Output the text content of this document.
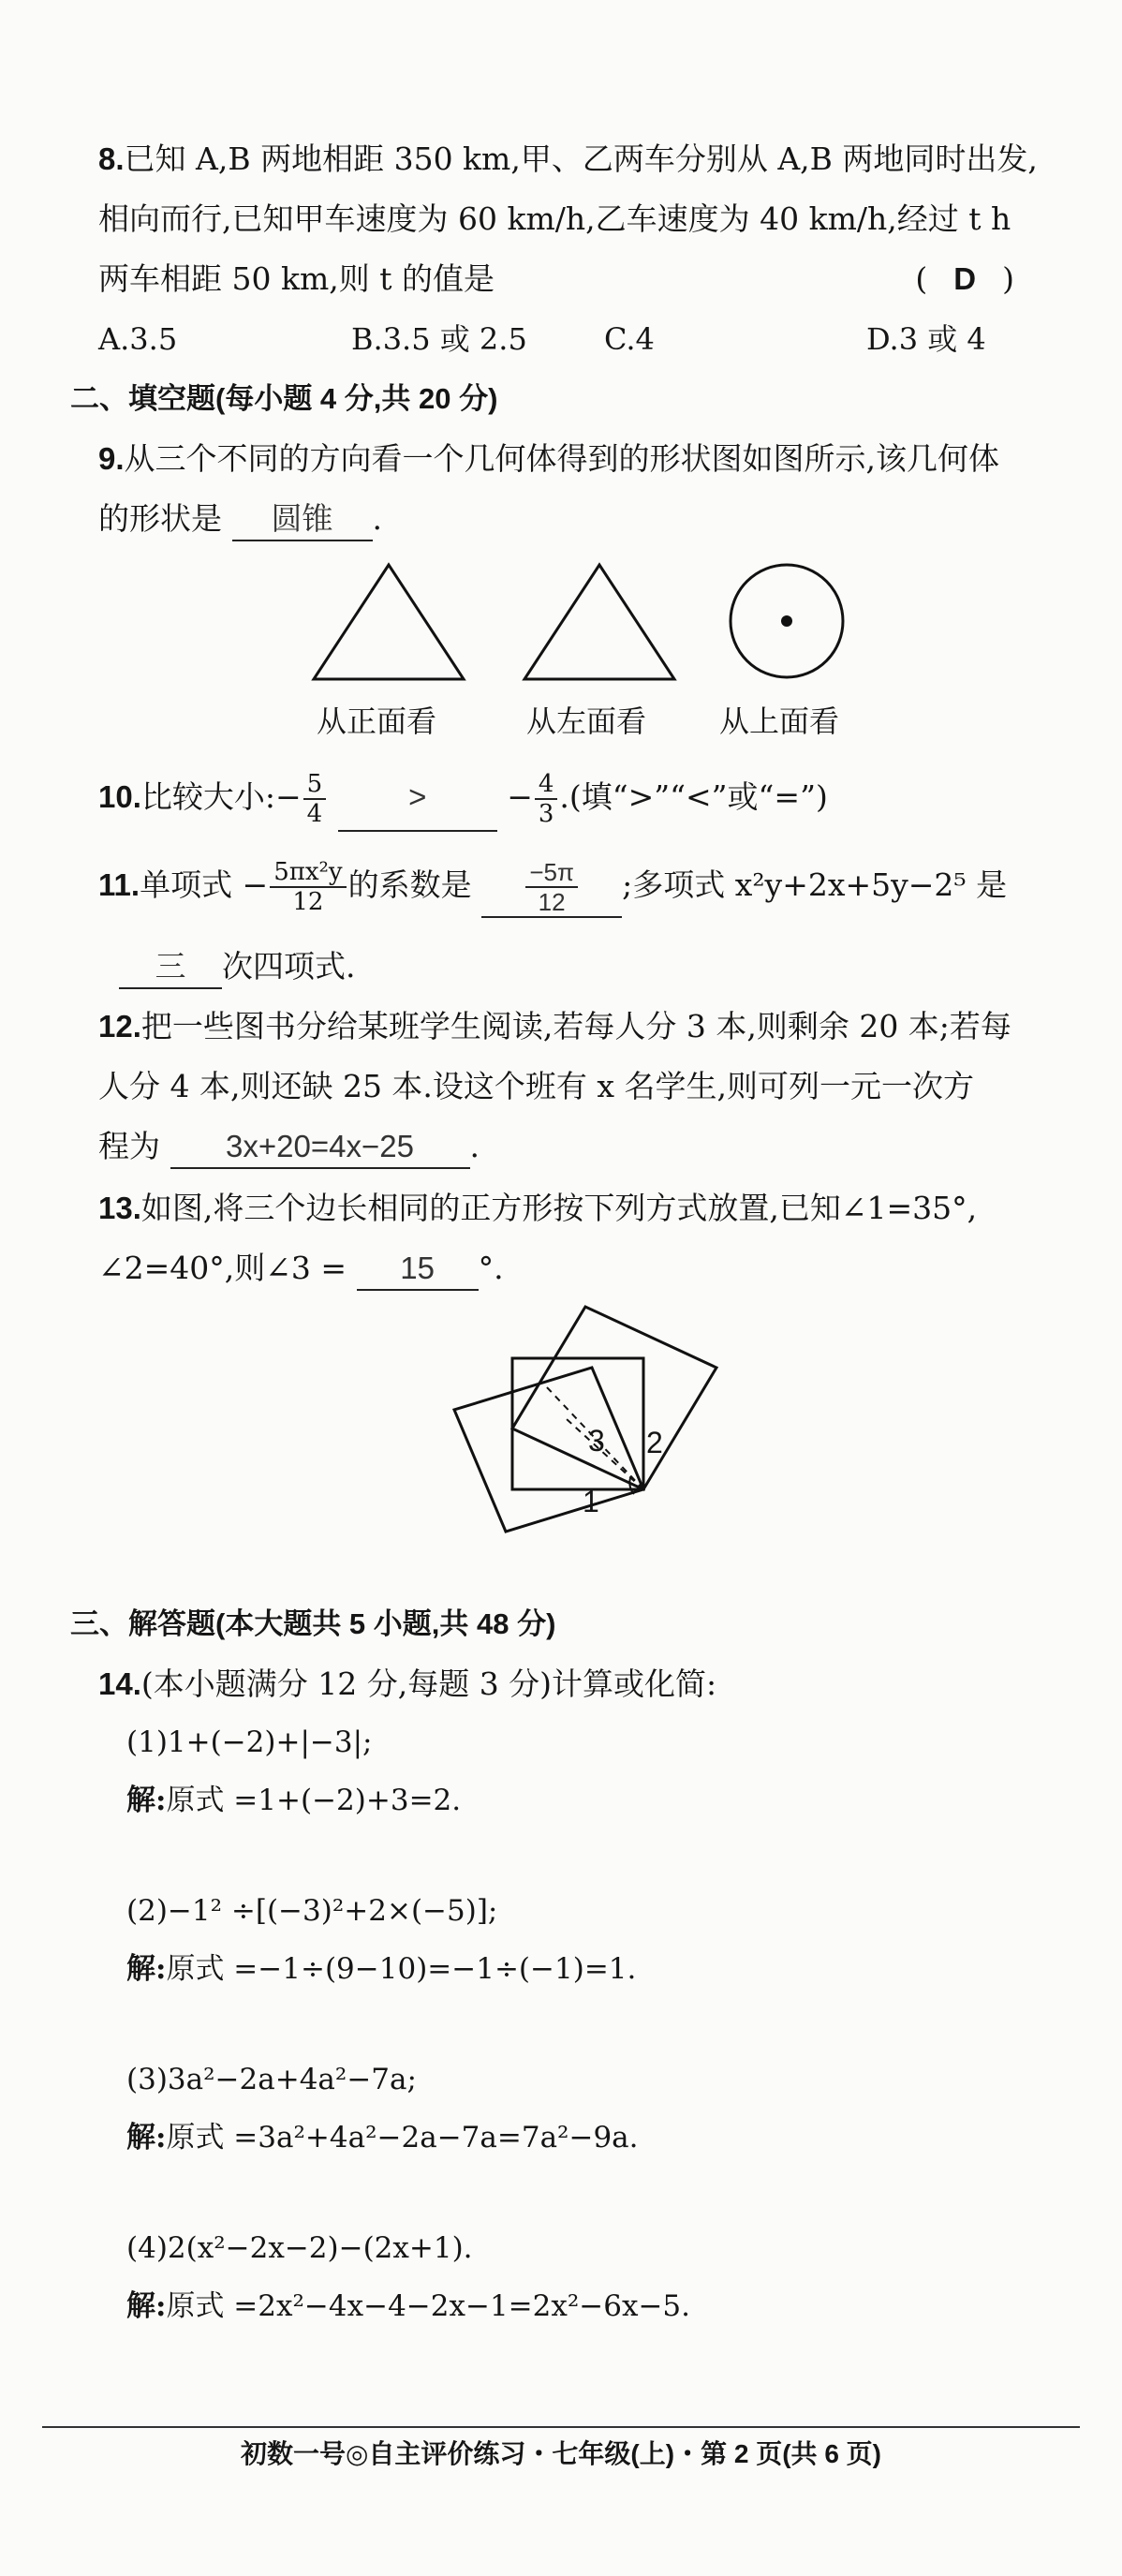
8.已知 A,B 两地相距 350 km,甲、乙两车分别从 A,B 两地同时出发,
相向而行,已知甲车速度为 60 km/h,乙车速度为 40 km/h,经过 t h
两车相距 50 km,则 t 的值是	( D )
A.3.5	B.3.5 或 2.5	C.4	D.3 或 4
二、填空题(每小题 4 分,共 20 分)
9.从三个不同的方向看一个几何体得到的形状图如图所示,该几何体
的形状是 圆锥 .
从正面看	从左面看 从上面看
10.比较大小:− $\frac{5}{4}$	>	− $\frac{4}{3}$ .(填“>”“<”或“=”)
11.单项式 − $\frac{\text{5πx²y}}{12}$ 的系数是 $\frac{-5\pi}{12}$ ;多项式 x²y+2x+5y−2⁵ 是
三 次四项式.
12.把一些图书分给某班学生阅读,若每人分 3 本,则剩余 20 本;若每
人分 4 本,则还缺 25 本.设这个班有 x 名学生,则可列一元一次方
程为 3x+20=4x−25 .
13.如图,将三个边长相同的正方形按下列方式放置,已知∠1=35°,
∠2=40°,则∠3 = 15 °.
3 2
1
三、解答题(本大题共 5 小题,共 48 分)
14.(本小题满分 12 分,每题 3 分)计算或化简:
(1)1+(−2)+|−3|;
解:原式 =1+(−2)+3=2.
(2)−1² ÷[(−3)²+2×(−5)];
解:原式 =−1÷(9−10)=−1÷(−1)=1.
(3)3a²−2a+4a²−7a;
解:原式 =3a²+4a²−2a−7a=7a²−9a.
(4)2(x²−2x−2)−(2x+1).
解:原式 =2x²−4x−4−2x−1=2x²−6x−5.
初数一号◎自主评价练习・七年级(上)・第 2 页(共 6 页)
